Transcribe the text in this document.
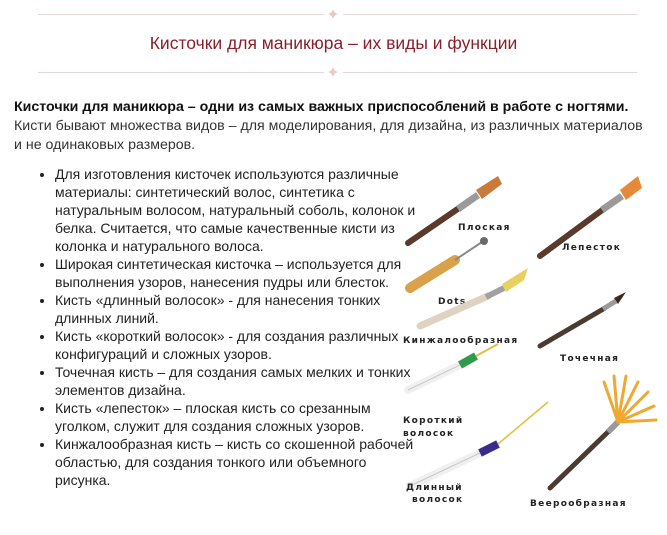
Кисточки для маникюра – их виды и функции
Кисточки для маникюра – одни из самых важных приспособлений в работе с ногтями. Кисти бывают множества видов – для моделирования, для дизайна, из различных материалов и не одинаковых размеров.
• Для изготовления кисточек используются различные материалы: синтетический волос, синтетика с натуральным волосом, натуральный соболь, колонок и белка. Считается, что самые качественные кисти из колонка и натурального волоса.
• Широкая синтетическая кисточка – используется для выполнения узоров, нанесения пудры или блесток.
• Кисть «длинный волосок» - для нанесения тонких длинных линий.
• Кисть «короткий волосок» - для создания различных конфигураций и сложных узоров.
• Точечная кисть – для создания самых мелких и тонких элементов дизайна.
• Кисть «лепесток» – плоская кисть со срезанным уголком, служит для создания сложных узоров.
• Кинжалообразная кисть – кисть со скошенной рабочей областью, для создания тонкого или объемного рисунка.
Плоская
Лепесток
Dots
Кинжалообразная
Точечная
Короткий
волосок
Веерообразная
Длинный
волосок
